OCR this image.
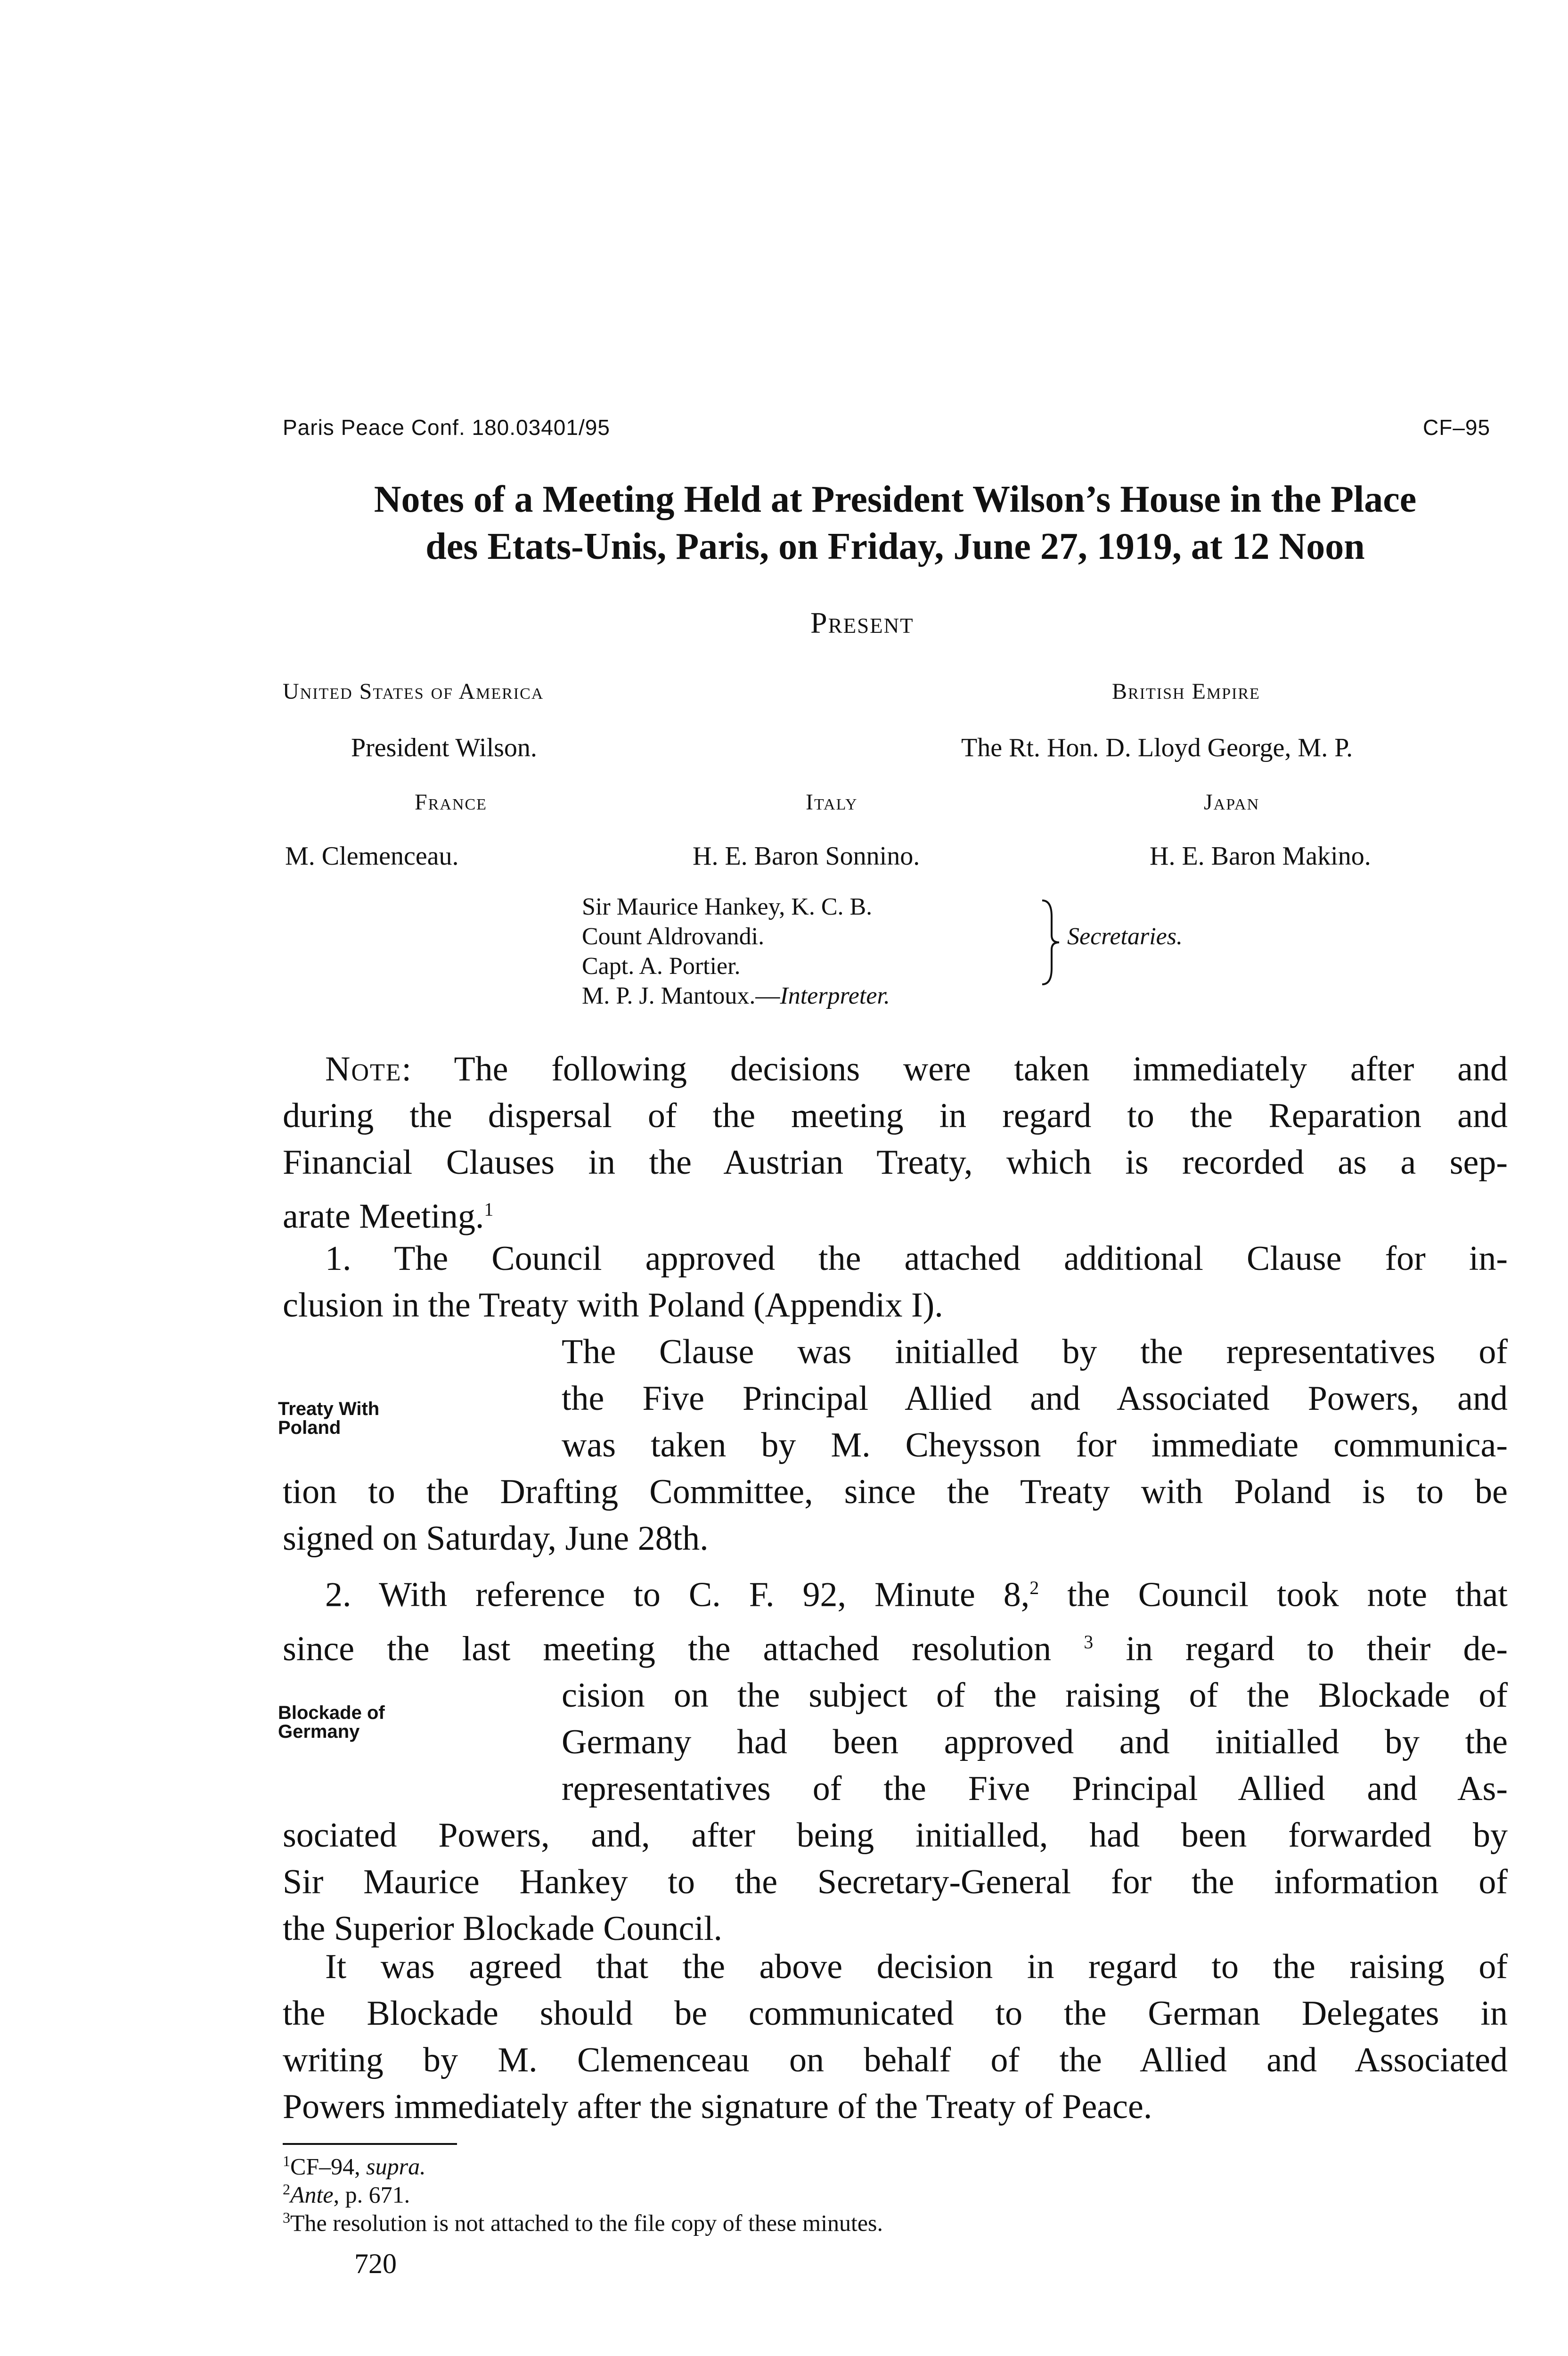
Paris Peace Conf. 180.03401/95	CF–95
Notes of a Meeting Held at President Wilson’s House in the Place
des Etats-Unis, Paris, on Friday, June 27, 1919, at 12 Noon
Present
United States of America	British Empire
President Wilson.	The Rt. Hon. D. Lloyd George, M. P.
France	Italy	Japan
M. Clemenceau.	H. E. Baron Sonnino.	H. E. Baron Makino.
Sir Maurice Hankey, K. C. B.
Count Aldrovandi.
Capt. A. Portier.
Secretaries.
M. P. J. Mantoux.—Interpreter.
Note: The following decisions were taken immediately after and
during the dispersal of the meeting in regard to the Reparation and
Financial Clauses in the Austrian Treaty, which is recorded as a sep-
arate Meeting.$^1$
1. The Council approved the attached additional Clause for in-
clusion in the Treaty with Poland (Appendix I).
The Clause was initialled by the representatives of
the Five Principal Allied and Associated Powers, and
was taken by M. Cheysson for immediate communica-
tion to the Drafting Committee, since the Treaty with Poland is to be
signed on Saturday, June 28th.
Treaty With
Poland
2. With reference to C. F. 92, Minute 8,$^2$ the Council took note that
since the last meeting the attached resolution $^3$ in regard to their de-
cision on the subject of the raising of the Blockade of
Germany had been approved and initialled by the
representatives of the Five Principal Allied and As-
sociated Powers, and, after being initialled, had been forwarded by
Sir Maurice Hankey to the Secretary-General for the information of
the Superior Blockade Council.
Blockade of
Germany
It was agreed that the above decision in regard to the raising of
the Blockade should be communicated to the German Delegates in
writing by M. Clemenceau on behalf of the Allied and Associated
Powers immediately after the signature of the Treaty of Peace.
$^1$CF–94, supra.
$^2$Ante, p. 671.
$^3$The resolution is not attached to the file copy of these minutes.
720
